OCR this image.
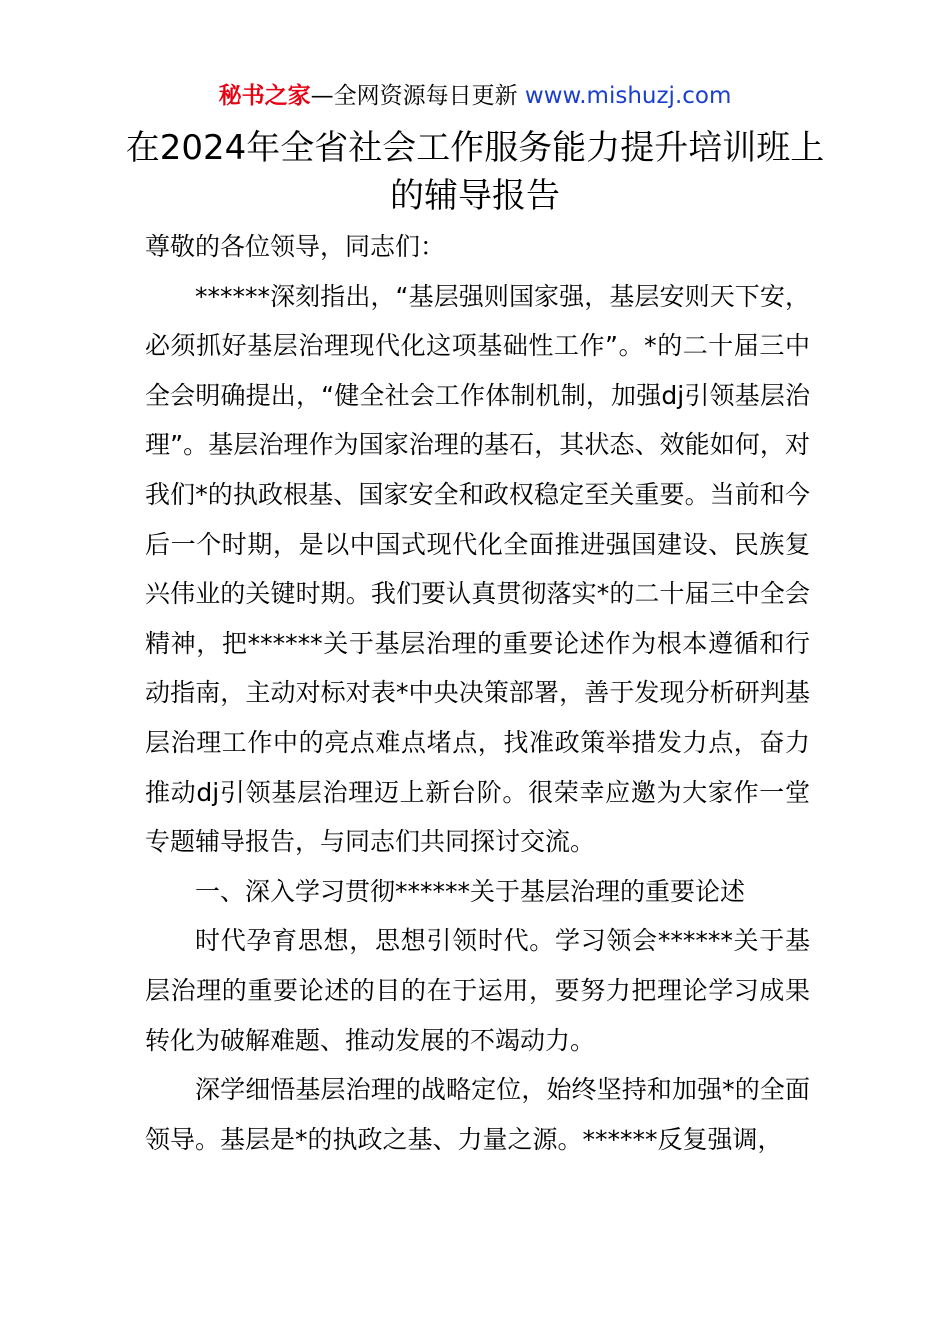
秘书之家—全网资源每日更新 www.mishuzj.com
在2024年全省社会工作服务能力提升培训班上的辅导报告

尊敬的各位领导，同志们：

******深刻指出，“基层强则国家强，基层安则天下安，必须抓好基层治理现代化这项基础性工作”。*的二十届三中全会明确提出，“健全社会工作体制机制，加强dj引领基层治理”。基层治理作为国家治理的基石，其状态、效能如何，对我们*的执政根基、国家安全和政权稳定至关重要。当前和今后一个时期，是以中国式现代化全面推进强国建设、民族复兴伟业的关键时期。我们要认真贯彻落实*的二十届三中全会精神，把******关于基层治理的重要论述作为根本遵循和行动指南，主动对标对表*中央决策部署，善于发现分析研判基层治理工作中的亮点难点堵点，找准政策举措发力点，奋力推动dj引领基层治理迈上新台阶。很荣幸应邀为大家作一堂专题辅导报告，与同志们共同探讨交流。

一、深入学习贯彻******关于基层治理的重要论述

时代孕育思想，思想引领时代。学习领会******关于基层治理的重要论述的目的在于运用，要努力把理论学习成果转化为破解难题、推动发展的不竭动力。

深学细悟基层治理的战略定位，始终坚持和加强*的全面领导。基层是*的执政之基、力量之源。******反复强调，
